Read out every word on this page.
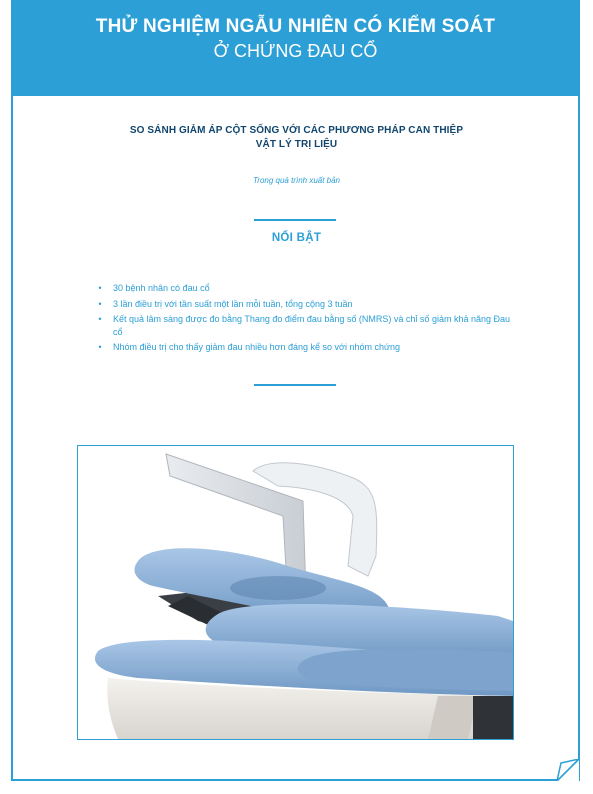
THỬ NGHIỆM NGẪU NHIÊN CÓ KIỂM SOÁT
Ở CHỨNG ĐAU CỔ
SO SÁNH GIẢM ÁP CỘT SỐNG VỚI CÁC PHƯƠNG PHÁP CAN THIỆP
VẬT LÝ TRỊ LIỆU
Trong quá trình xuất bản
NỔI BẬT
•	30 bệnh nhân có đau cổ
•	3 lần điều trị với tần suất một lần mỗi tuần, tổng cộng 3 tuần
•	Kết quả lâm sàng được đo bằng Thang đo điểm đau bằng số (NMRS) và chỉ số giảm khả năng Đau cổ
•	Nhóm điều trị cho thấy giảm đau nhiều hơn đáng kể so với nhóm chứng
